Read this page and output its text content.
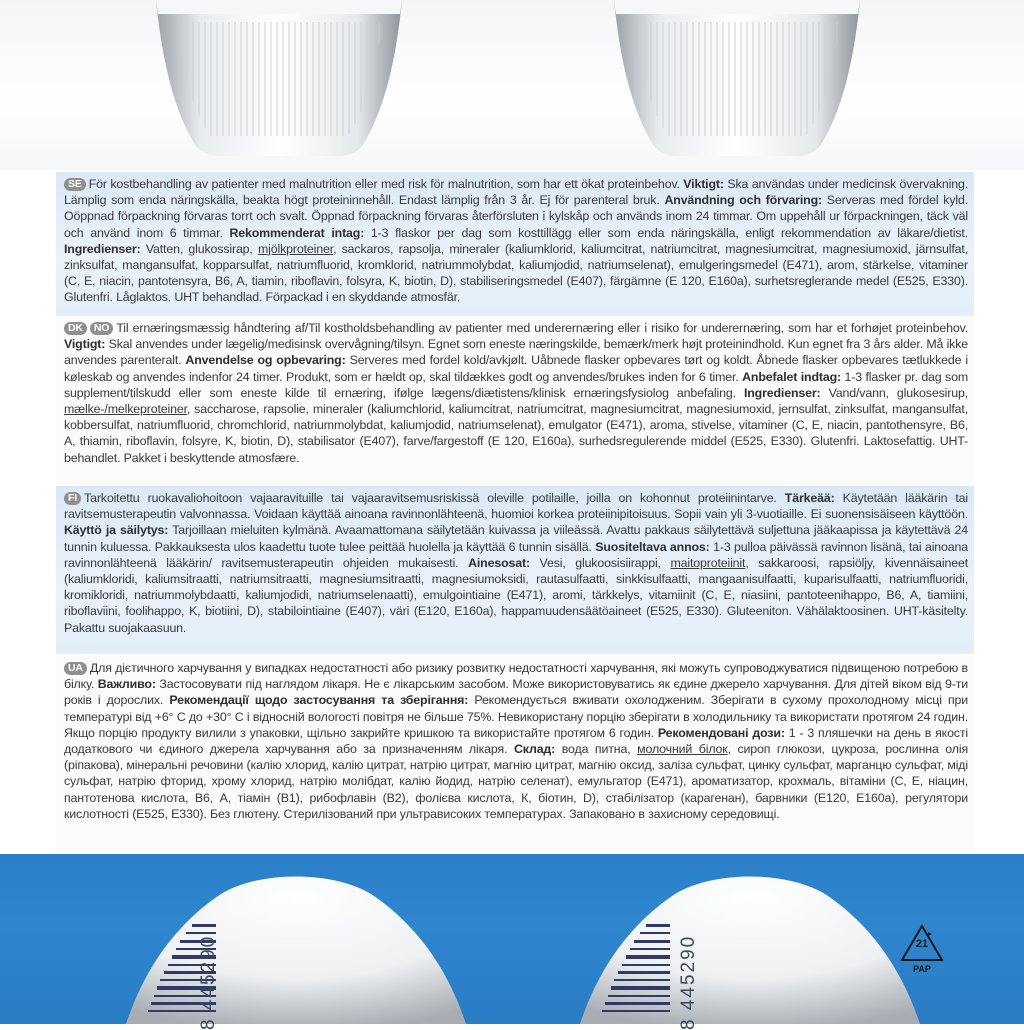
SE För kostbehandling av patienter med malnutrition eller med risk för malnutrition, som har ett ökat proteinbehov. Viktigt: Ska användas under medicinsk övervakning. Lämplig som enda näringskälla, beakta högt proteininnehåll. Endast lämplig från 3 år. Ej för parenteral bruk. Användning och förvaring: Serveras med fördel kyld. Oöppnad förpackning förvaras torrt och svalt. Öppnad förpackning förvaras återförsluten i kylskåp och används inom 24 timmar. Om uppehåll ur förpackningen, täck väl och använd inom 6 timmar. Rekommenderat intag: 1-3 flaskor per dag som kosttillägg eller som enda näringskälla, enligt rekommendation av läkare/dietist. Ingredienser: Vatten, glukossirap, mjölkproteiner, sackaros, rapsolja, mineraler (kaliumklorid, kaliumcitrat, natriumcitrat, magnesiumcitrat, magnesiumoxid, järnsulfat, zinksulfat, mangansulfat, kopparsulfat, natriumfluorid, kromklorid, natriummolybdat, kaliumjodid, natriumselenat), emulgeringsmedel (E471), arom, stärkelse, vitaminer (C, E, niacin, pantotensyra, B6, A, tiamin, riboflavin, folsyra, K, biotin, D), stabiliseringsmedel (E407), färgämne (E 120, E160a), surhetsreglerande medel (E525, E330). Glutenfri. Låglaktos. UHT behandlad. Förpackad i en skyddande atmosfär.
DK NO Til ernæringsmæssig håndtering af/Til kostholdsbehandling av patienter med underernæring eller i risiko for underernæring, som har et forhøjet proteinbehov. Vigtigt: Skal anvendes under lægelig/medisinsk overvågning/tilsyn. Egnet som eneste næringskilde, bemærk/merk højt proteinindhold. Kun egnet fra 3 års alder. Må ikke anvendes parenteralt. Anvendelse og opbevaring: Serveres med fordel kold/avkjølt. Uåbnede flasker opbevares tørt og koldt. Åbnede flasker opbevares tætlukkede i køleskab og anvendes indenfor 24 timer. Produkt, som er hældt op, skal tildækkes godt og anvendes/brukes inden for 6 timer. Anbefalet indtag: 1-3 flasker pr. dag som supplement/tilskudd eller som eneste kilde til ernæring, ifølge lægens/diætistens/klinisk ernæringsfysiolog anbefaling. Ingredienser: Vand/vann, glukosesirup, mælke-/melkeproteiner, saccharose, rapsolie, mineraler (kaliumchlorid, kaliumcitrat, natriumcitrat, magnesiumcitrat, magnesiumoxid, jernsulfat, zinksulfat, mangansulfat, kobbersulfat, natriumfluorid, chromchlorid, natriummolybdat, kaliumjodid, natriumselenat), emulgator (E471), aroma, stivelse, vitaminer (C, E, niacin, pantothensyre, B6, A, thiamin, riboflavin, folsyre, K, biotin, D), stabilisator (E407), farve/fargestoff (E 120, E160a), surhedsregulerende middel (E525, E330). Glutenfri. Laktosefattig. UHT-behandlet. Pakket i beskyttende atmosfære.
FI Tarkoitettu ruokavaliohoitoon vajaaravituille tai vajaaravitsemusriskissä oleville potilaille, joilla on kohonnut proteiinintarve. Tärkeää: Käytetään lääkärin tai ravitsemusterapeutin valvonnassa. Voidaan käyttää ainoana ravinnonlähteenä, huomioi korkea proteiinipitoisuus. Sopii vain yli 3-vuotiaille. Ei suonensisäiseen käyttöön. Käyttö ja säilytys: Tarjoillaan mieluiten kylmänä. Avaamattomana säilytetään kuivassa ja viileässä. Avattu pakkaus säilytettävä suljettuna jääkaapissa ja käytettävä 24 tunnin kuluessa. Pakkauksesta ulos kaadettu tuote tulee peittää huolella ja käyttää 6 tunnin sisällä. Suositeltava annos: 1-3 pulloa päivässä ravinnon lisänä, tai ainoana ravinnonlähteenä lääkärin/ ravitsemusterapeutin ohjeiden mukaisesti. Ainesosat: Vesi, glukoosisiirappi, maitoproteiinit, sakkaroosi, rapsiöljy, kivennäisaineet (kaliumkloridi, kaliumsitraatti, natriumsitraatti, magnesiumsitraatti, magnesiumoksidi, rautasulfaatti, sinkkisulfaatti, mangaanisulfaatti, kuparisulfaatti, natriumfluoridi, kromikloridi, natriummolybdaatti, kaliumjodidi, natriumselenaatti), emulgointiaine (E471), aromi, tärkkelys, vitamiinit (C, E, niasiini, pantoteenihappo, B6, A, tiamiini, riboflaviini, foolihappo, K, biotiini, D), stabilointiaine (E407), väri (E120, E160a), happamuudensäätöaineet (E525, E330). Gluteeniton. Vähälaktoosinen. UHT-käsitelty. Pakattu suojakaasuun.
UA Для дієтичного харчування у випадках недостатності або ризику розвитку недостатності харчування, які можуть супроводжуватися підвищеною потребою в білку. Важливо: Застосовувати під наглядом лікаря. Не є лікарським засобом. Може використовуватись як єдине джерело харчування. Для дітей віком від 9-ти років і дорослих. Рекомендації щодо застосування та зберігання: Рекомендується вживати охолодженим. Зберігати в сухому прохолодному місці при температурі від +6° С до +30° С і відносній вологості повітря не більше 75%. Невикористану порцію зберігати в холодильнику та використати протягом 24 годин. Якщо порцію продукту вилили з упаковки, щільно закрийте кришкою та використайте протягом 6 годин. Рекомендовані дози: 1 - 3 пляшечки на день в якості додаткового чи єдиного джерела харчування або за призначенням лікаря. Склад: вода питна, молочний білок, сироп глюкози, цукроза, рослинна олія (ріпакова), мінеральні речовини (калію хлорид, калію цитрат, натрію цитрат, магнію цитрат, магнію оксид, заліза сульфат, цинку сульфат, марганцю сульфат, міді сульфат, натрію фторид, хрому хлорид, натрію молібдат, калію йодид, натрію селенат), емульгатор (Е471), ароматизатор, крохмаль, вітаміни (С, Е, ніацин, пантотенова кислота, В6, А, тіамін (В1), рибофлавін (В2), фолієва кислота, К, біотин, D), стабілізатор (карагенан), барвники (Е120, Е160а), регулятори кислотності (Е525, Е330). Без глютену. Стерилізований при ультрависоких температурах. Запаковано в захисному середовищі.
8 445290	8 445290	21
PAP
